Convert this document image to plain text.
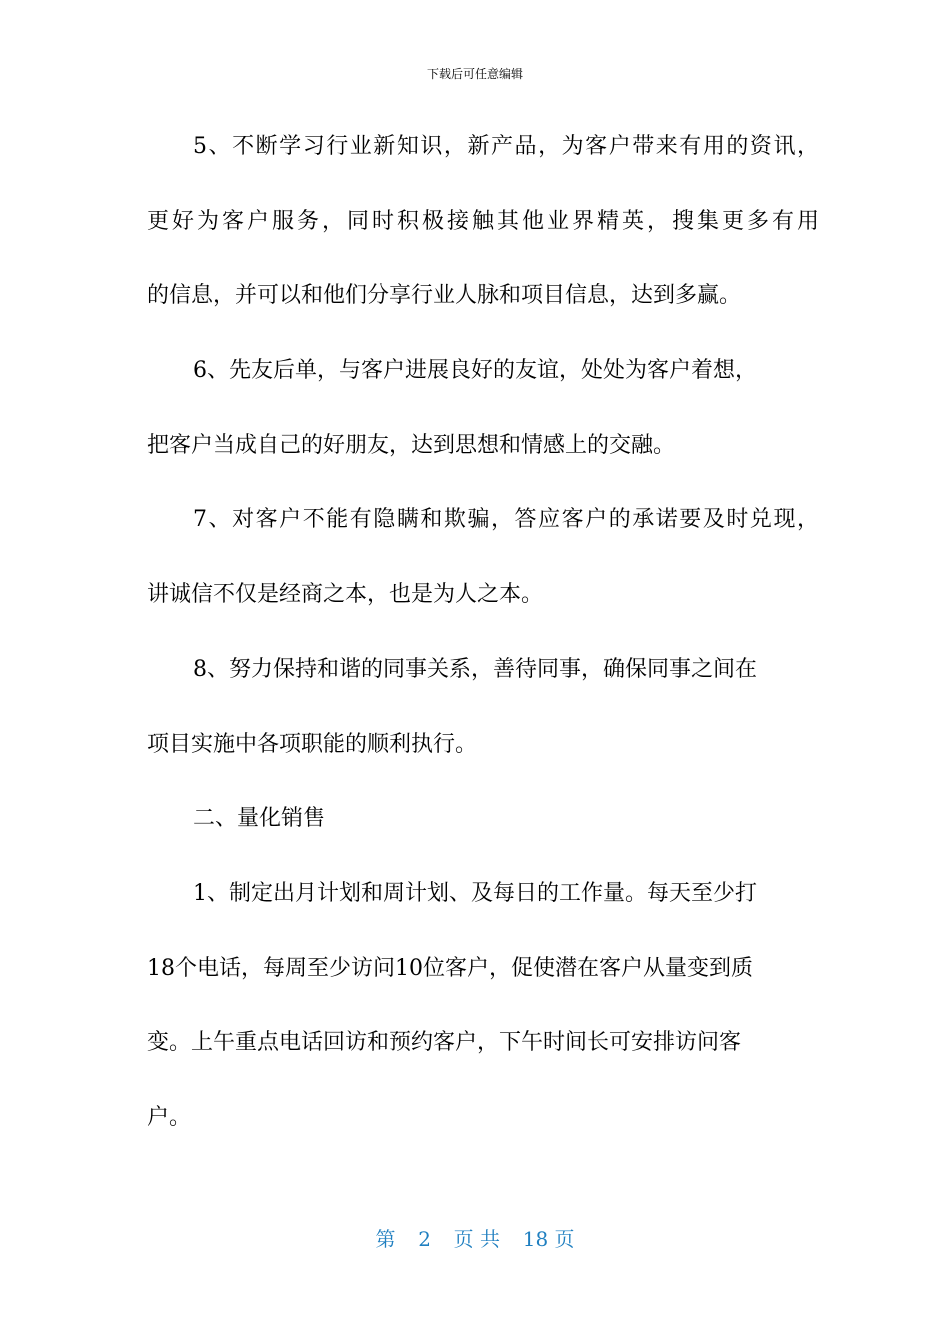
下载后可任意编辑
5、不断学习行业新知识，新产品，为客户带来有用的资讯，
更好为客户服务，同时积极接触其他业界精英，搜集更多有用
的信息，并可以和他们分享行业人脉和项目信息，达到多赢。
6、先友后单，与客户进展良好的友谊，处处为客户着想，
把客户当成自己的好朋友，达到思想和情感上的交融。
7、对客户不能有隐瞒和欺骗，答应客户的承诺要及时兑现，
讲诚信不仅是经商之本，也是为人之本。
8、努力保持和谐的同事关系，善待同事，确保同事之间在
项目实施中各项职能的顺利执行。
二、量化销售
1、制定出月计划和周计划、及每日的工作量。每天至少打
18个电话，每周至少访问10位客户，促使潜在客户从量变到质
变。上午重点电话回访和预约客户，下午时间长可安排访问客
户。
第 2 页 共 18 页
